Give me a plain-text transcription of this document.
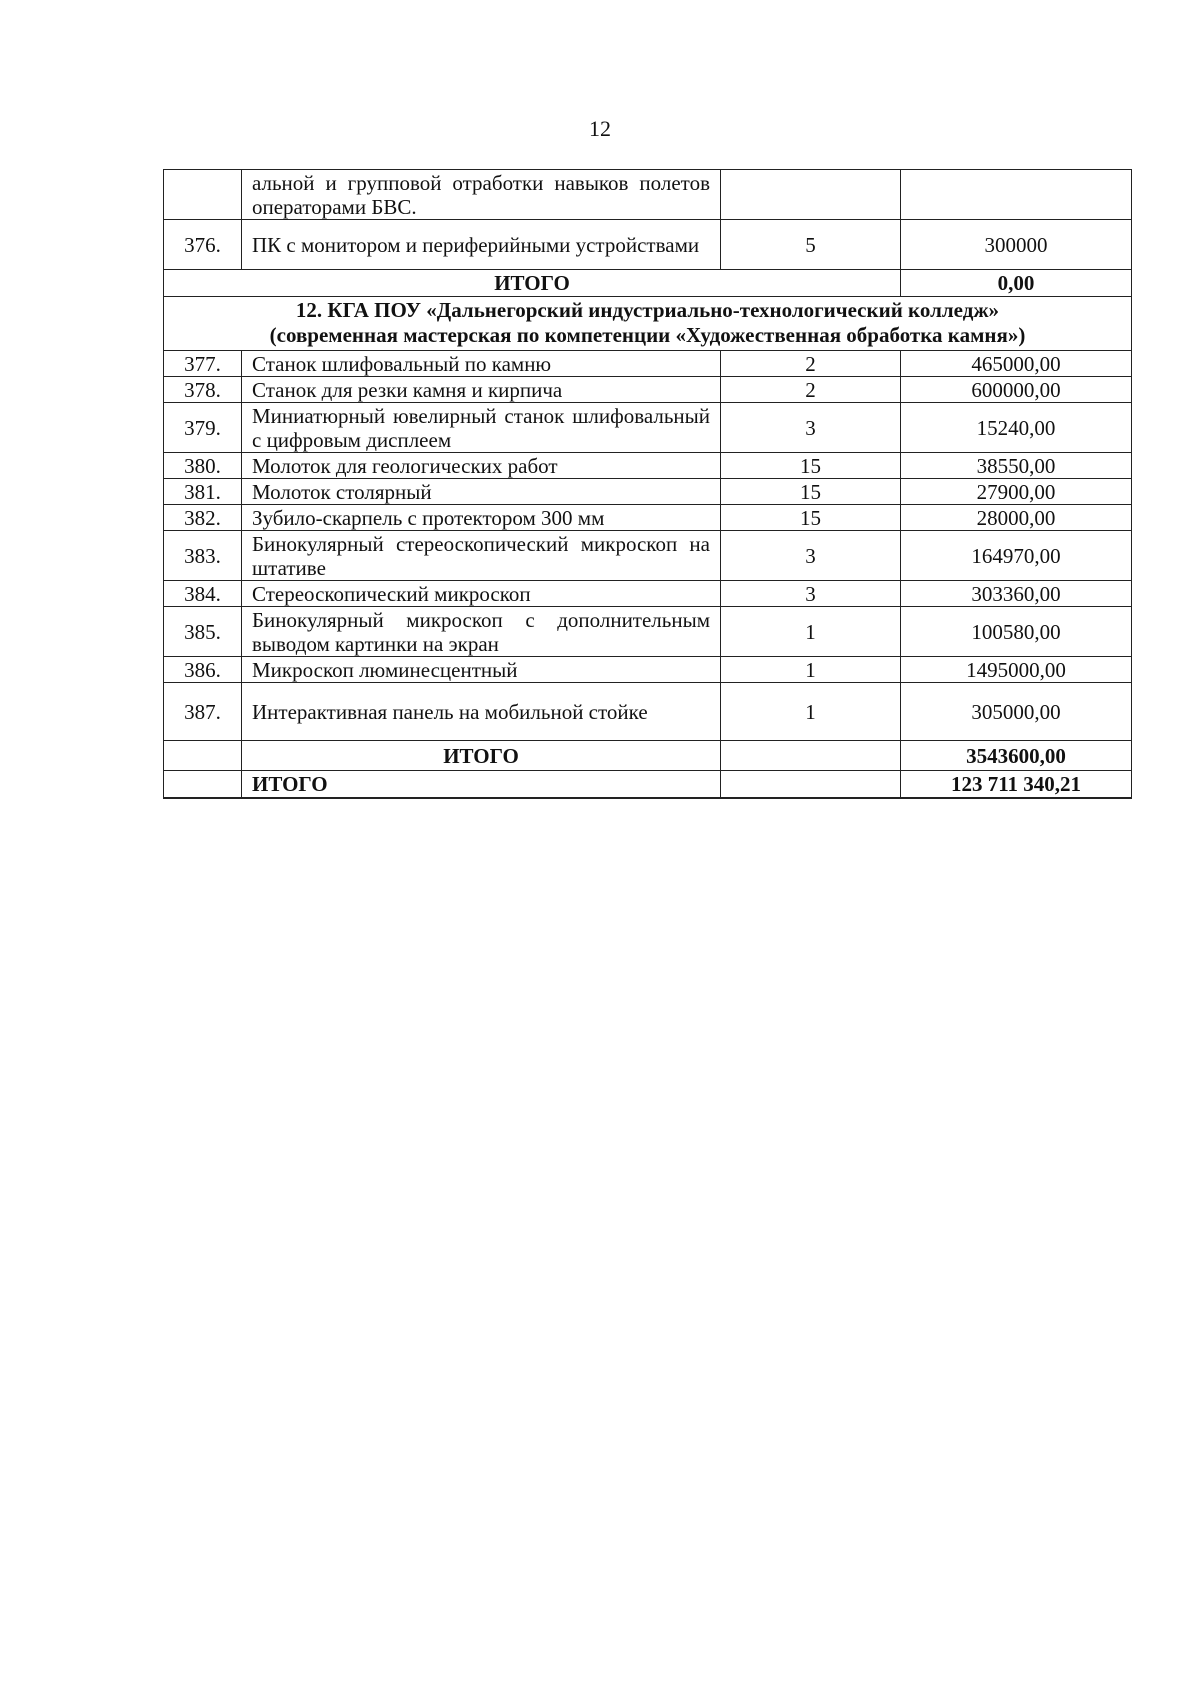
12
	альной и групповой отработки навыков полетов операторами БВС.		
376.	ПК с монитором и периферийными устройствами	5	300000
ИТОГО			0,00

12. КГА ПОУ «Дальнегорский индустриально-технологический колледж»
(современная мастерская по компетенции «Художественная обработка камня»)			

377.	Станок шлифовальный по камню	2	465000,00
378.	Станок для резки камня и кирпича	2	600000,00
379.	Миниатюрный ювелирный станок шлифовальный с цифровым дисплеем	3	15240,00
380.	Молоток для геологических работ	15	38550,00
381.	Молоток столярный	15	27900,00
382.	Зубило-скарпель с протектором 300 мм	15	28000,00
383.	Бинокулярный стереоскопический микроскоп на штативе	3	164970,00
384.	Стереоскопический микроскоп	3	303360,00
385.	Бинокулярный микроскоп с дополнительным выводом картинки на экран	1	100580,00
386.	Микроскоп люминесцентный	1	1495000,00
387.	Интерактивная панель на мобильной стойке	1	305000,00
	ИТОГО		3543600,00
	ИТОГО		123 711 340,21
